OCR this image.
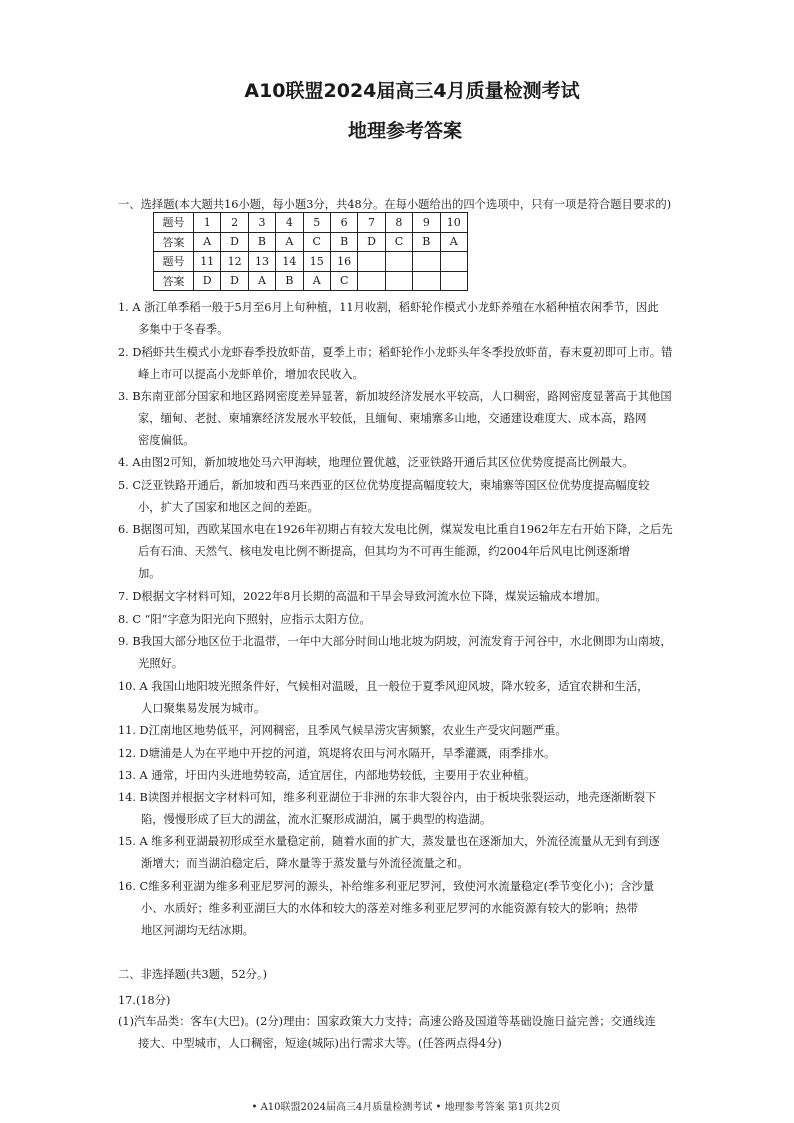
A10联盟2024届高三4月质量检测考试
地理参考答案
一、选择题(本大题共16小题，每小题3分，共48分。在每小题给出的四个选项中，只有一项是符合题目要求的)
题号	1	2	3	4	5	6	7	8	9	10
答案	A	D	B	A	C	B	D	C	B	A
题号	11	12	13	14	15	16				
答案	D	D	A	B	A	C				
1. A 浙江单季稻一般于5月至6月上旬种植，11月收割，稻虾轮作模式小龙虾养殖在水稻种植农闲季节，因此
多集中于冬春季。
2. D稻虾共生模式小龙虾春季投放虾苗，夏季上市；稻虾轮作小龙虾头年冬季投放虾苗，春末夏初即可上市。错
峰上市可以提高小龙虾单价，增加农民收入。
3. B东南亚部分国家和地区路网密度差异显著，新加坡经济发展水平较高，人口稠密，路网密度显著高于其他国
家，缅甸、老挝、柬埔寨经济发展水平较低，且缅甸、柬埔寨多山地，交通建设难度大、成本高，路网
密度偏低。
4. A由图2可知，新加坡地处马六甲海峡，地理位置优越，泛亚铁路开通后其区位优势度提高比例最大。
5. C泛亚铁路开通后，新加坡和西马来西亚的区位优势度提高幅度较大，柬埔寨等国区位优势度提高幅度较
小，扩大了国家和地区之间的差距。
6. B据图可知，西欧某国水电在1926年初期占有较大发电比例，煤炭发电比重自1962年左右开始下降，之后先
后有石油、天然气、核电发电比例不断提高，但其均为不可再生能源，约2004年后风电比例逐渐增
加。
7. D根据文字材料可知，2022年8月长期的高温和干旱会导致河流水位下降，煤炭运输成本增加。
8. C “阳”字意为阳光向下照射，应指示太阳方位。
9. B我国大部分地区位于北温带，一年中大部分时间山地北坡为阴坡，河流发育于河谷中，水北侧即为山南坡，
光照好。
10. A 我国山地阳坡光照条件好，气候相对温暖，且一般位于夏季风迎风坡，降水较多，适宜农耕和生活，
人口聚集易发展为城市。
11. D江南地区地势低平，河网稠密，且季风气候旱涝灾害频繁，农业生产受灾问题严重。
12. D塘浦是人为在平地中开挖的河道，筑堤将农田与河水隔开，旱季灌溉，雨季排水。
13. A 通常，圩田内头进地势较高，适宜居住，内部地势较低，主要用于农业种植。
14. B读图并根据文字材料可知，维多利亚湖位于非洲的东非大裂谷内，由于板块张裂运动，地壳逐渐断裂下
陷，慢慢形成了巨大的湖盆，流水汇聚形成湖泊，属于典型的构造湖。
15. A 维多利亚湖最初形成至水量稳定前，随着水面的扩大，蒸发量也在逐渐加大，外流径流量从无到有到逐
渐增大；而当湖泊稳定后，降水量等于蒸发量与外流径流量之和。
16. C维多利亚湖为维多利亚尼罗河的源头，补给维多利亚尼罗河，致使河水流量稳定(季节变化小)；含沙量
小、水质好；维多利亚湖巨大的水体和较大的落差对维多利亚尼罗河的水能资源有较大的影响；热带
地区河湖均无结冰期。
二、非选择题(共3题，52分。)
17.(18分)
(1)汽车品类：客车(大巴)。(2分)理由：国家政策大力支持；高速公路及国道等基础设施日益完善；交通线连
接大、中型城市，人口稠密，短途(城际)出行需求大等。(任答两点得4分)
• A10联盟2024届高三4月质量检测考试 • 地理参考答案 第1页共2页
